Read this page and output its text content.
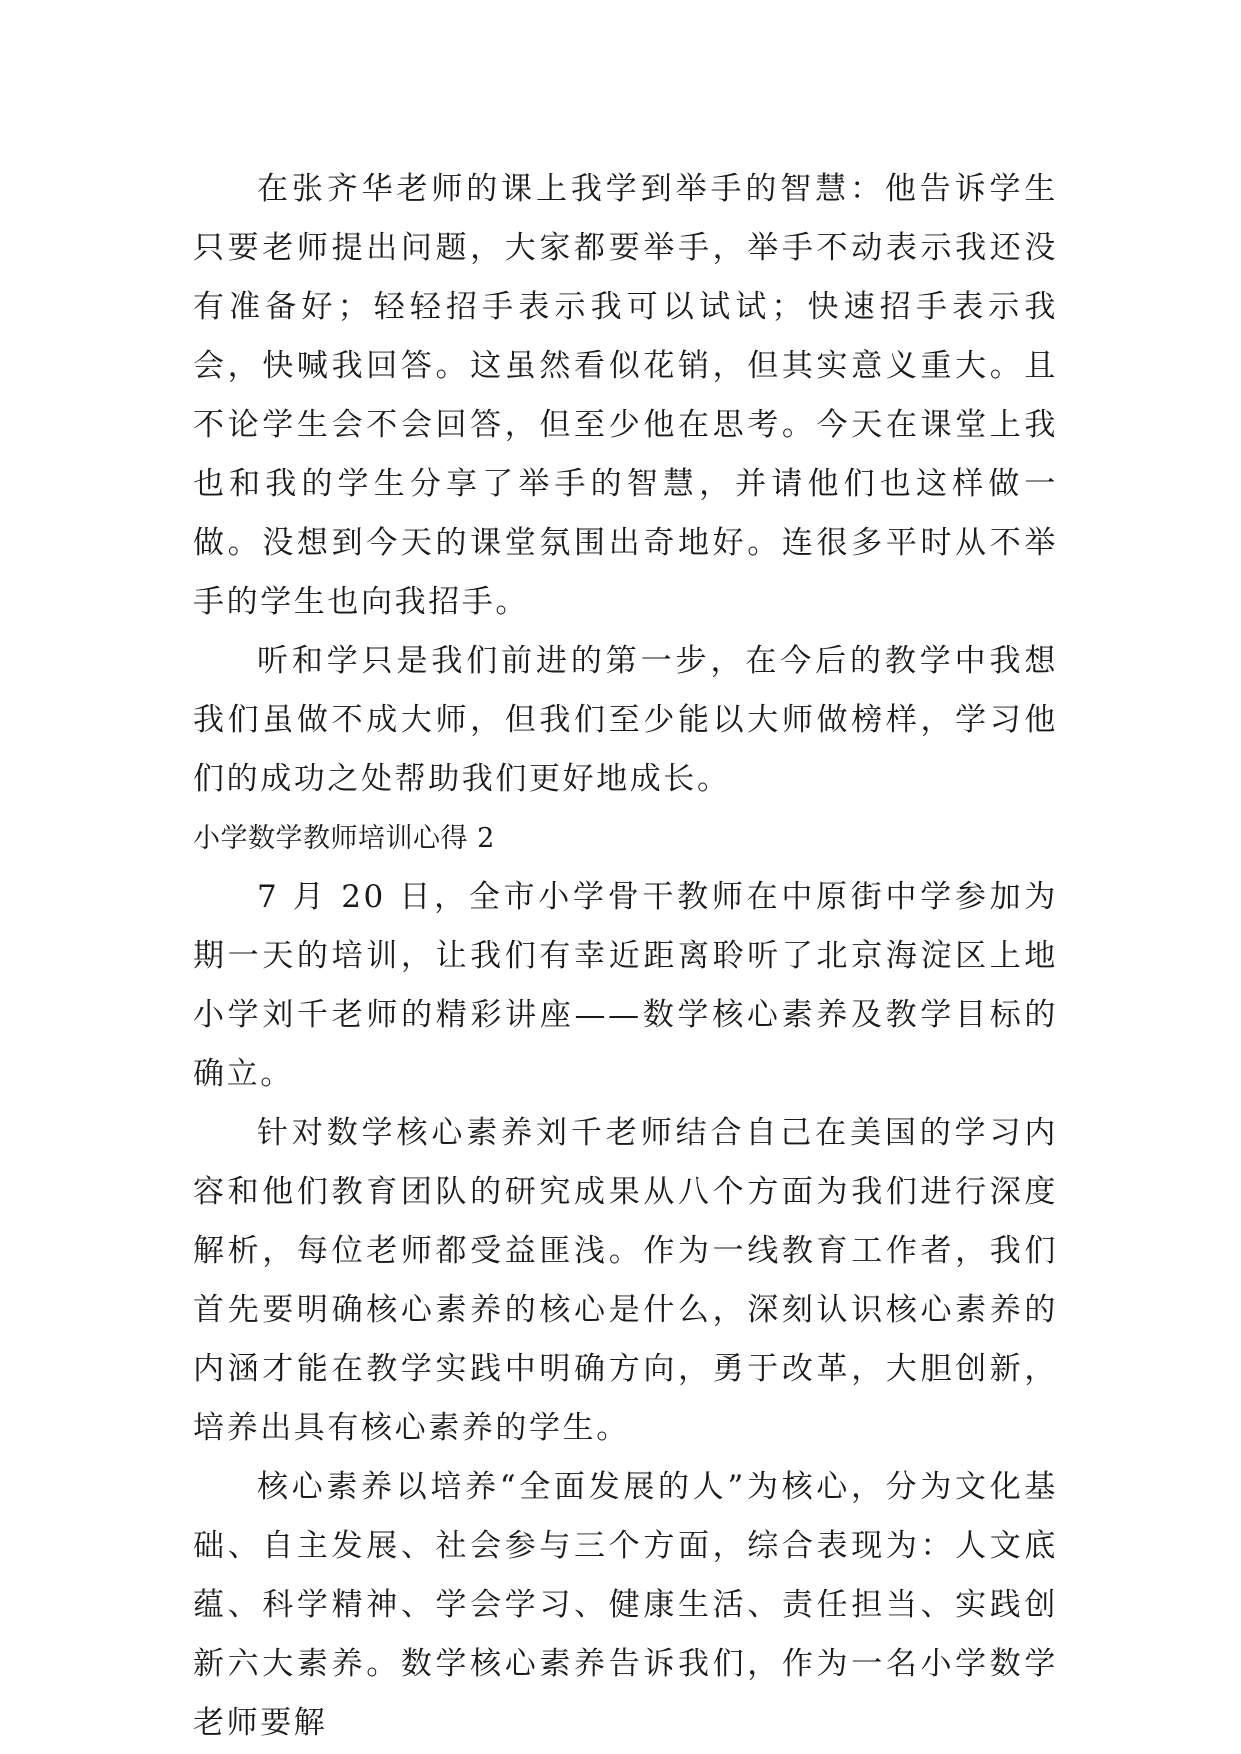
在张齐华老师的课上我学到举手的智慧：他告诉学生只要老师提出问题，大家都要举手，举手不动表示我还没有准备好；轻轻招手表示我可以试试；快速招手表示我会，快喊我回答。这虽然看似花销，但其实意义重大。且不论学生会不会回答，但至少他在思考。今天在课堂上我也和我的学生分享了举手的智慧，并请他们也这样做一做。没想到今天的课堂氛围出奇地好。连很多平时从不举手的学生也向我招手。

听和学只是我们前进的第一步，在今后的教学中我想我们虽做不成大师，但我们至少能以大师做榜样，学习他们的成功之处帮助我们更好地成长。

小学数学教师培训心得 2

7 月 20 日，全市小学骨干教师在中原街中学参加为期一天的培训，让我们有幸近距离聆听了北京海淀区上地小学刘千老师的精彩讲座——数学核心素养及教学目标的确立。

针对数学核心素养刘千老师结合自己在美国的学习内容和他们教育团队的研究成果从八个方面为我们进行深度解析，每位老师都受益匪浅。作为一线教育工作者，我们首先要明确核心素养的核心是什么，深刻认识核心素养的内涵才能在教学实践中明确方向，勇于改革，大胆创新，培养出具有核心素养的学生。

核心素养以培养“全面发展的人”为核心，分为文化基础、自主发展、社会参与三个方面，综合表现为：人文底蕴、科学精神、学会学习、健康生活、责任担当、实践创新六大素养。数学核心素养告诉我们，作为一名小学数学老师要解
